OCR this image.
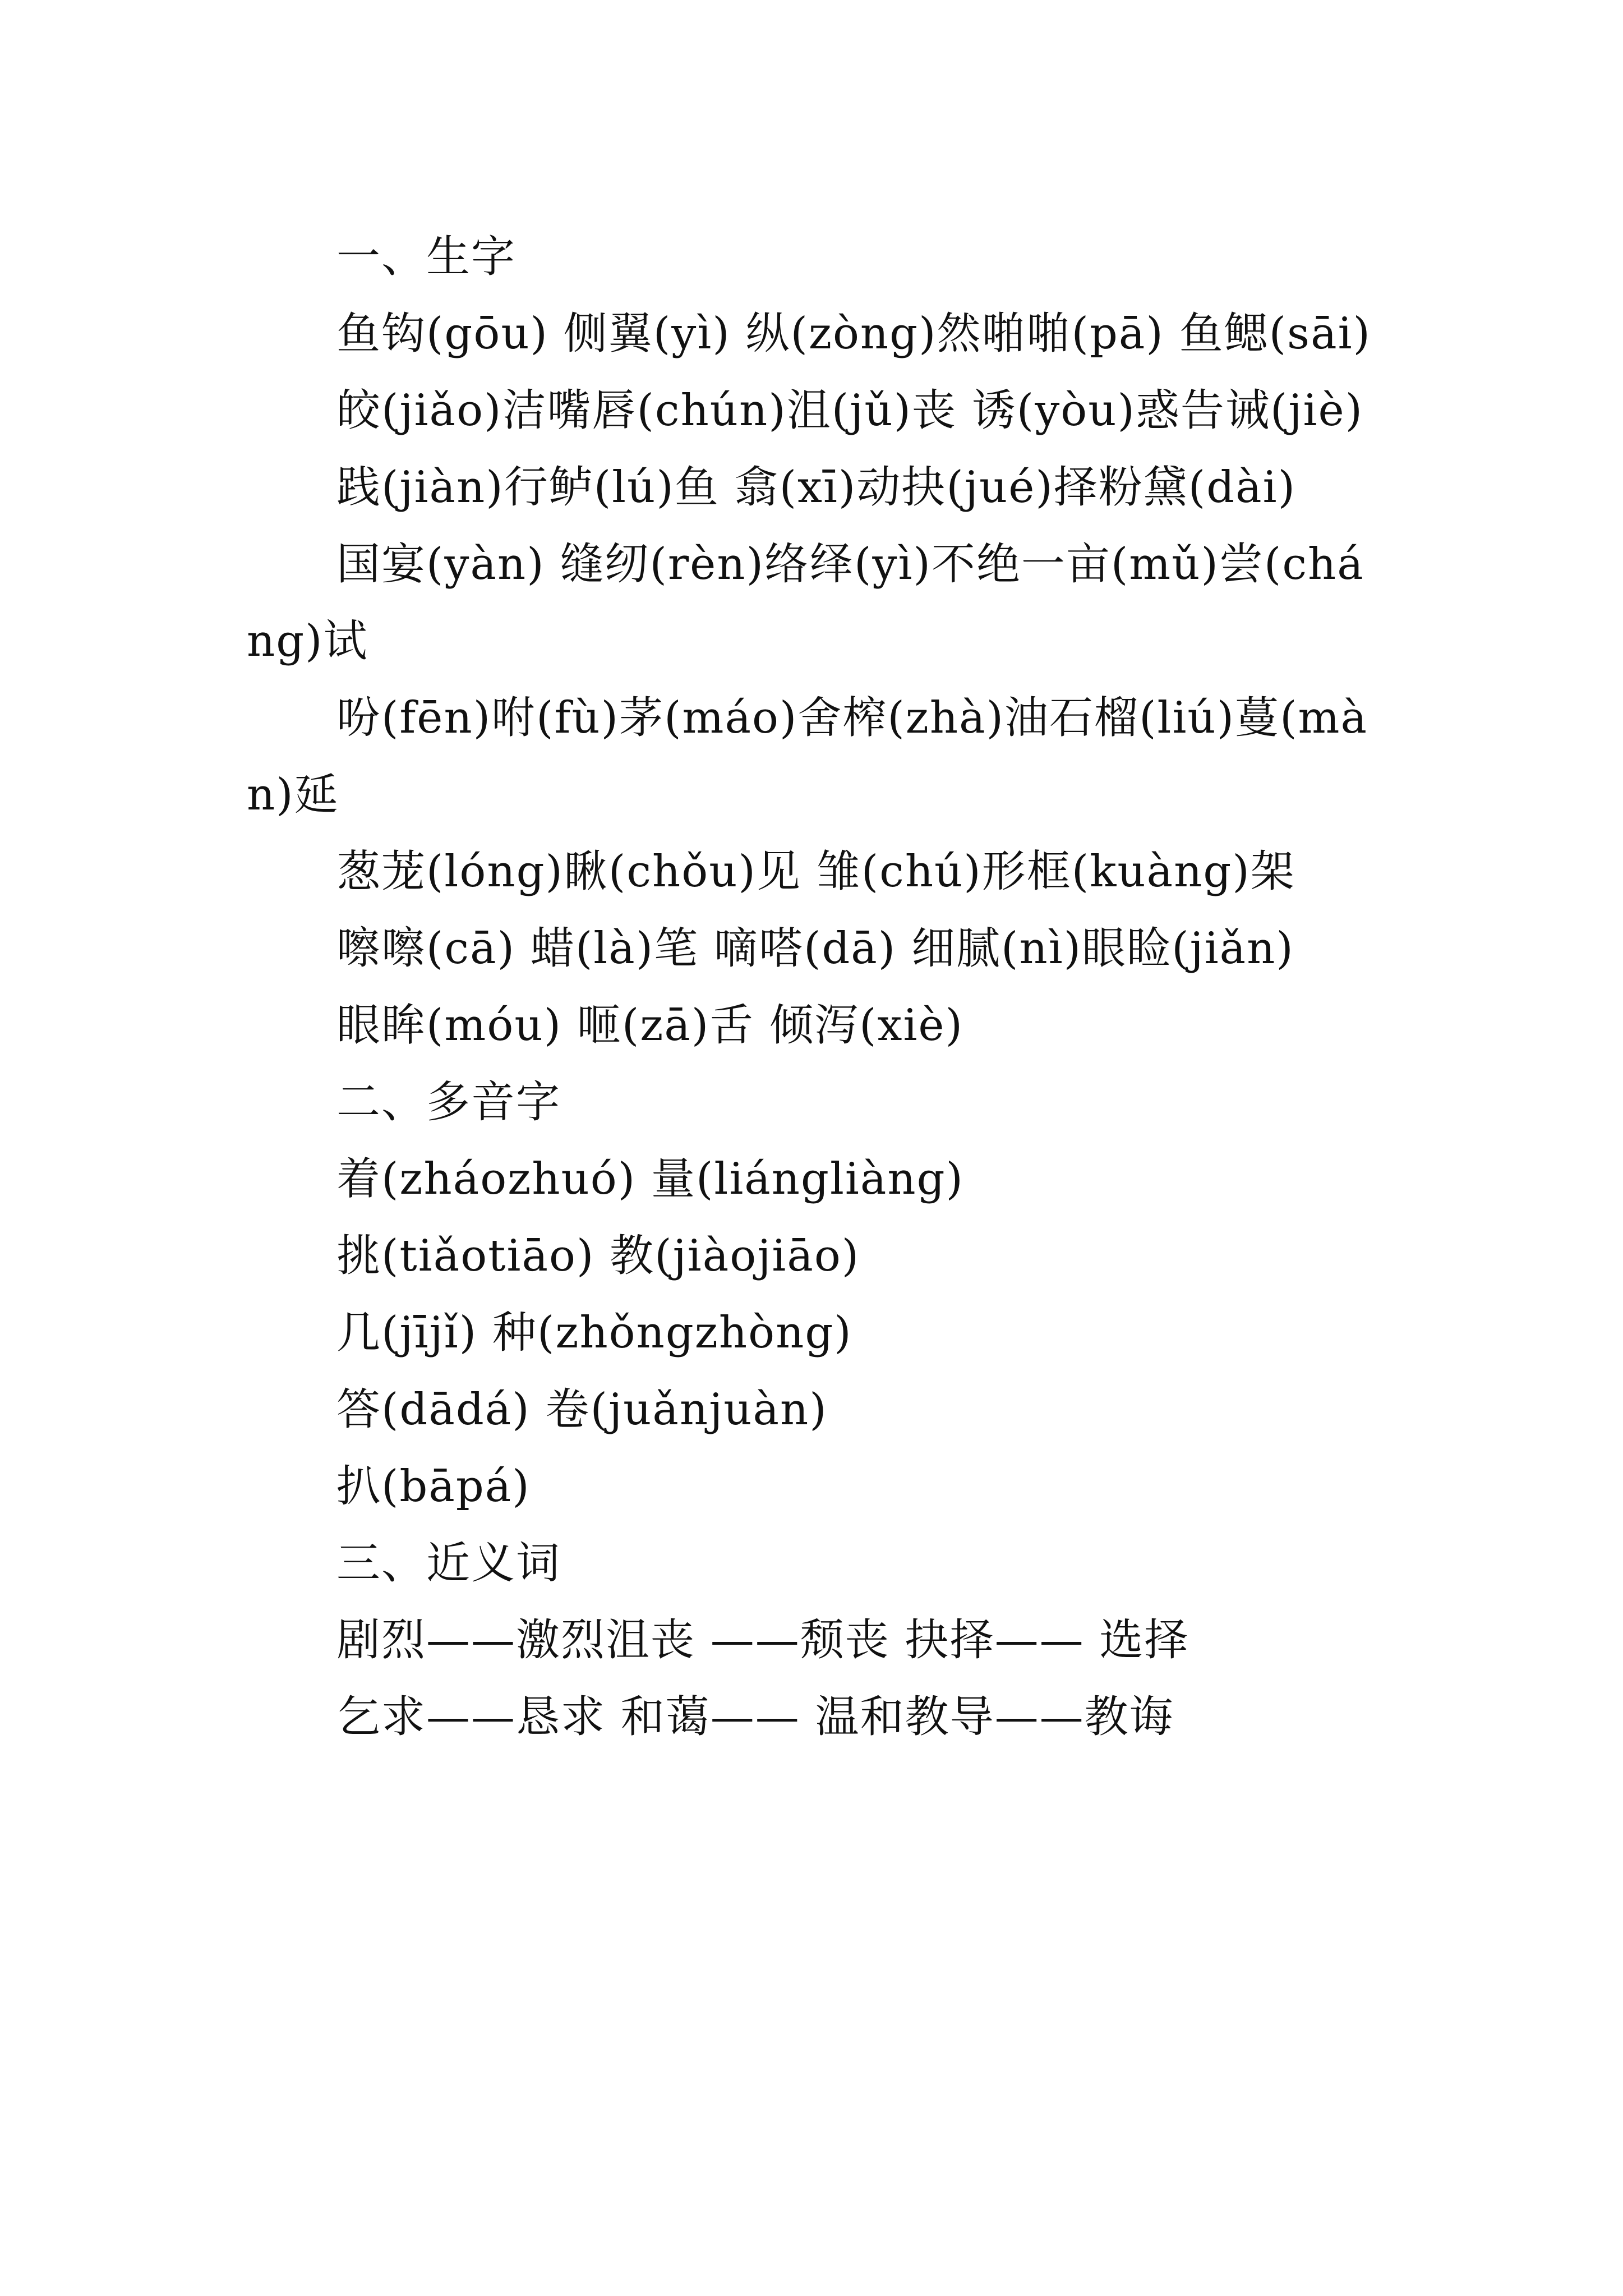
一、生字

鱼钩(gōu) 侧翼(yì) 纵(zòng)然啪啪(pā) 鱼鳃(sāi)

皎(jiǎo)洁嘴唇(chún)沮(jǔ)丧 诱(yòu)惑告诫(jiè)

践(jiàn)行鲈(lú)鱼 翕(xī)动抉(jué)择粉黛(dài)

国宴(yàn) 缝纫(rèn)络绎(yì)不绝一亩(mǔ)尝(cháng)试

吩(fēn)咐(fù)茅(máo)舍榨(zhà)油石榴(liú)蔓(màn)延

葱茏(lóng)瞅(chǒu)见 雏(chú)形框(kuàng)架

嚓嚓(cā) 蜡(là)笔 嘀嗒(dā) 细腻(nì)眼睑(jiǎn)

眼眸(móu) 咂(zā)舌 倾泻(xiè)

二、多音字

着(zháozhuó) 量(liángliàng)

挑(tiǎotiāo) 教(jiàojiāo)

几(jījǐ) 种(zhǒngzhòng)

答(dādá) 卷(juǎnjuàn)

扒(bāpá)

三、近义词

剧烈——激烈沮丧 ——颓丧 抉择—— 选择

乞求——恳求 和蔼—— 温和教导——教诲
